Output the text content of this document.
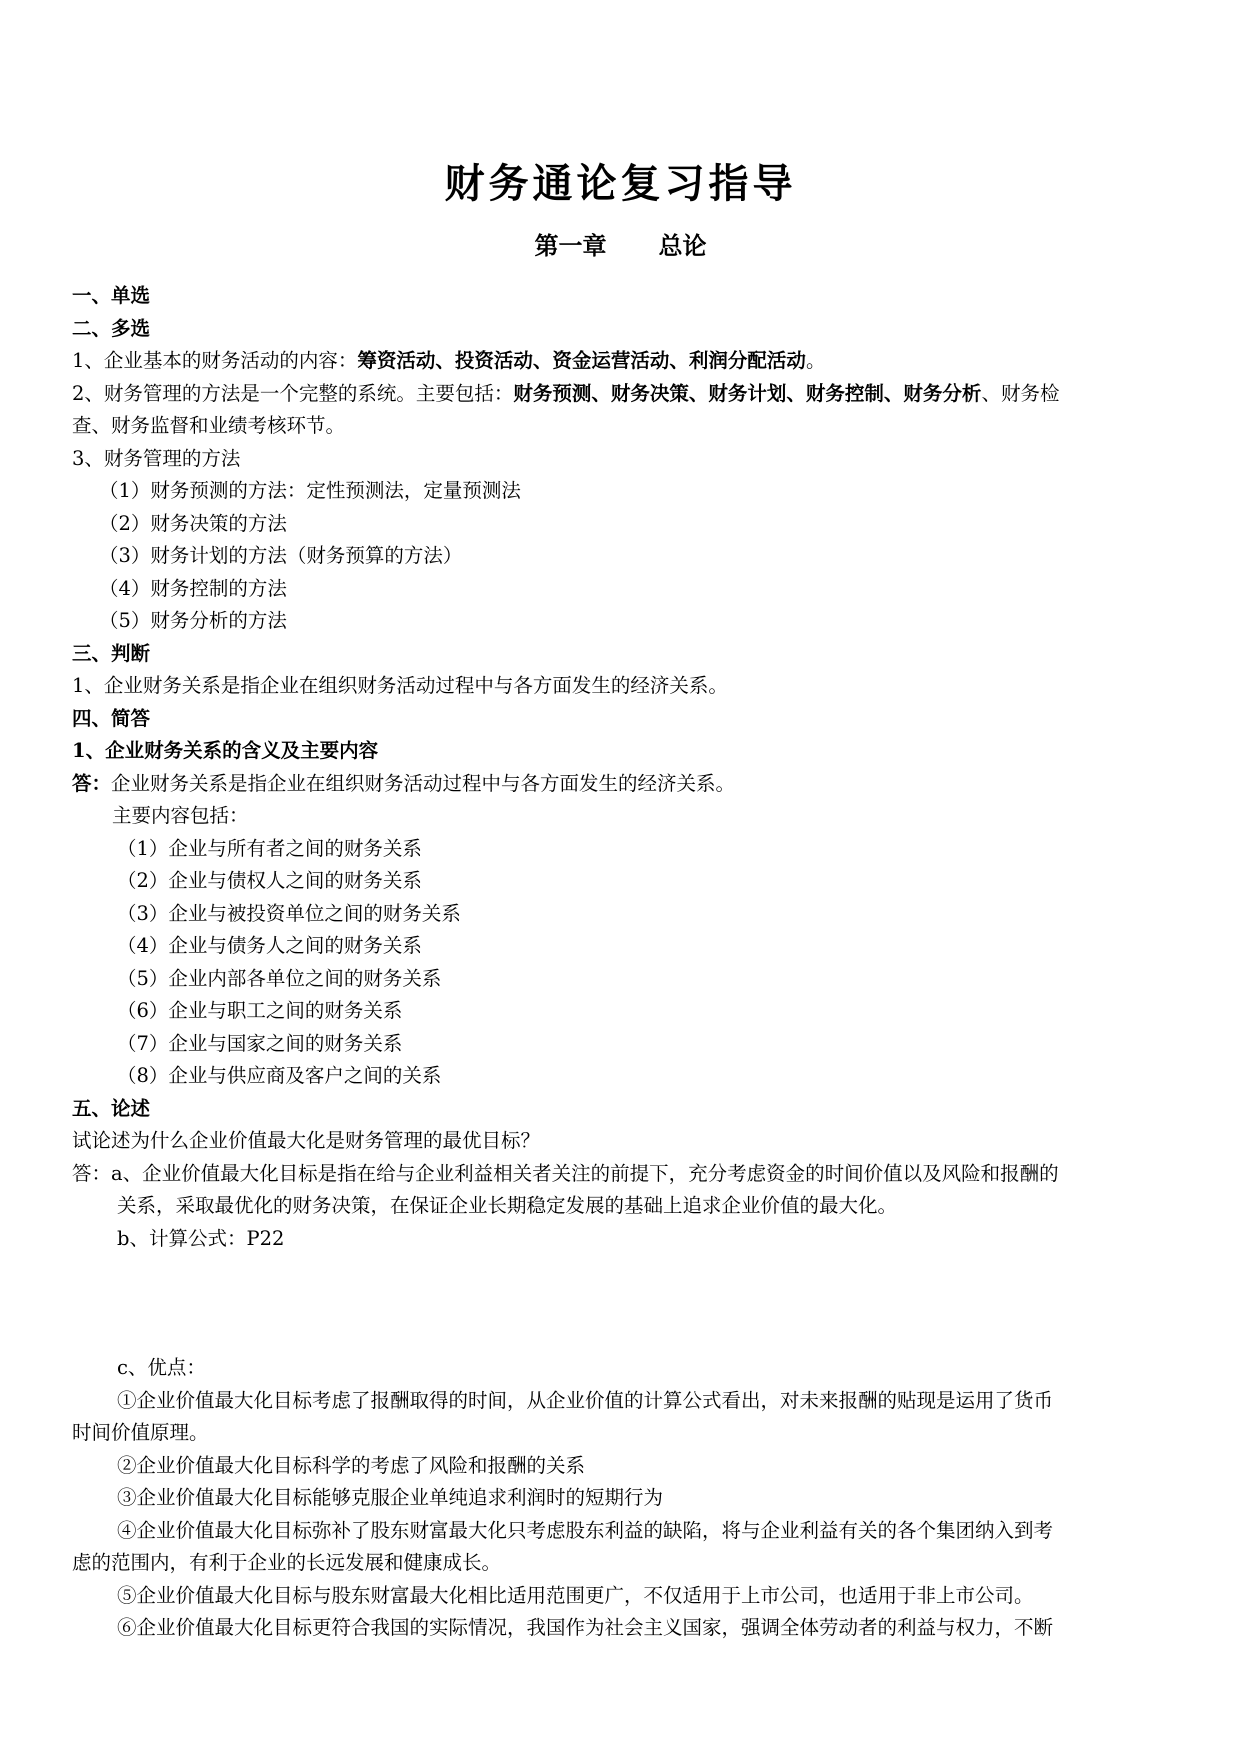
财务通论复习指导
第一章 总论
一、单选
二、多选
1、企业基本的财务活动的内容：筹资活动、投资活动、资金运营活动、利润分配活动。
2、财务管理的方法是一个完整的系统。主要包括：财务预测、财务决策、财务计划、财务控制、财务分析、财务检
查、财务监督和业绩考核环节。
3、财务管理的方法
（1）财务预测的方法：定性预测法，定量预测法
（2）财务决策的方法
（3）财务计划的方法（财务预算的方法）
（4）财务控制的方法
（5）财务分析的方法
三、判断
1、企业财务关系是指企业在组织财务活动过程中与各方面发生的经济关系。
四、简答
1、企业财务关系的含义及主要内容
答：企业财务关系是指企业在组织财务活动过程中与各方面发生的经济关系。
主要内容包括：
（1）企业与所有者之间的财务关系
（2）企业与债权人之间的财务关系
（3）企业与被投资单位之间的财务关系
（4）企业与债务人之间的财务关系
（5）企业内部各单位之间的财务关系
（6）企业与职工之间的财务关系
（7）企业与国家之间的财务关系
（8）企业与供应商及客户之间的关系
五、论述
试论述为什么企业价值最大化是财务管理的最优目标？
答：a、企业价值最大化目标是指在给与企业利益相关者关注的前提下，充分考虑资金的时间价值以及风险和报酬的
关系，采取最优化的财务决策，在保证企业长期稳定发展的基础上追求企业价值的最大化。
b、计算公式：P22
c、优点：
①企业价值最大化目标考虑了报酬取得的时间，从企业价值的计算公式看出，对未来报酬的贴现是运用了货币
时间价值原理。
②企业价值最大化目标科学的考虑了风险和报酬的关系
③企业价值最大化目标能够克服企业单纯追求利润时的短期行为
④企业价值最大化目标弥补了股东财富最大化只考虑股东利益的缺陷，将与企业利益有关的各个集团纳入到考
虑的范围内，有利于企业的长远发展和健康成长。
⑤企业价值最大化目标与股东财富最大化相比适用范围更广，不仅适用于上市公司，也适用于非上市公司。
⑥企业价值最大化目标更符合我国的实际情况，我国作为社会主义国家，强调全体劳动者的利益与权力，不断
